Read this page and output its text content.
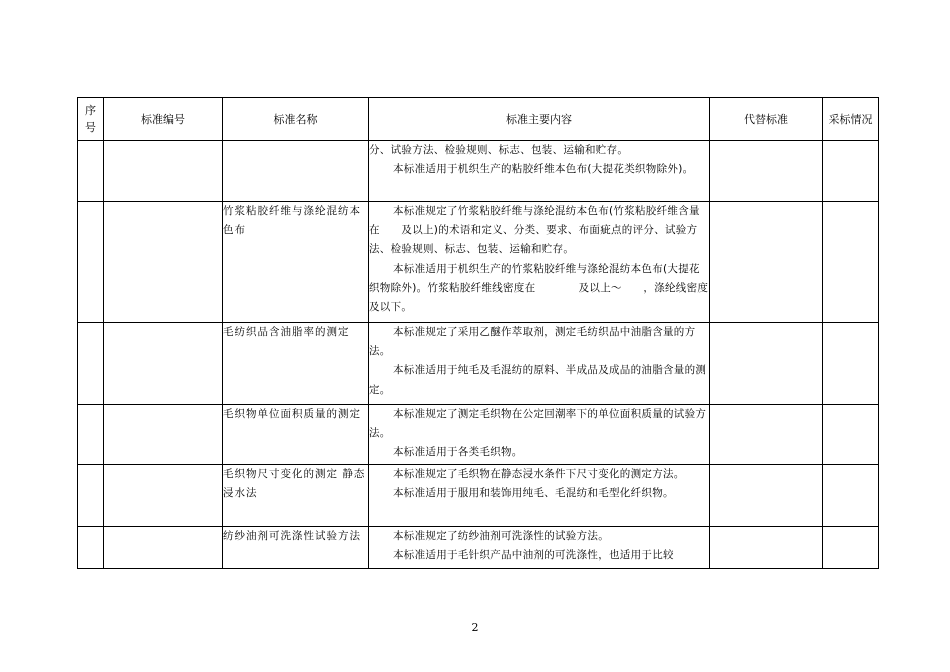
序号	标准编号	标准名称	标准主要内容	代替标准	采标情况

			分、试验方法、检验规则、标志、包装、运输和贮存。

本标准适用于机织生产的粘胶纤维本色布(大提花类织物除外)。		

		竹浆粘胶纤维与涤纶混纺本色布	本标准规定了竹浆粘胶纤维与涤纶混纺本色布(竹浆粘胶纤维含量在　　及以上)的术语和定义、分类、要求、布面疵点的评分、试验方法、检验规则、标志、包装、运输和贮存。

本标准适用于机织生产的竹浆粘胶纤维与涤纶混纺本色布(大提花织物除外)。竹浆粘胶纤维线密度在　　　　及以上～　　，涤纶线密度　　　　及以下。		

		毛纺织品含油脂率的测定	本标准规定了采用乙醚作萃取剂，测定毛纺织品中油脂含量的方法。

本标准适用于纯毛及毛混纺的原料、半成品及成品的油脂含量的测定。		

		毛织物单位面积质量的测定	本标准规定了测定毛织物在公定回潮率下的单位面积质量的试验方法。

本标准适用于各类毛织物。		

		毛织物尺寸变化的测定 静态浸水法	本标准规定了毛织物在静态浸水条件下尺寸变化的测定方法。

本标准适用于服用和装饰用纯毛、毛混纺和毛型化纤织物。		

		纺纱油剂可洗涤性试验方法	本标准规定了纺纱油剂可洗涤性的试验方法。

本标准适用于毛针织产品中油剂的可洗涤性，也适用于比较		

2
